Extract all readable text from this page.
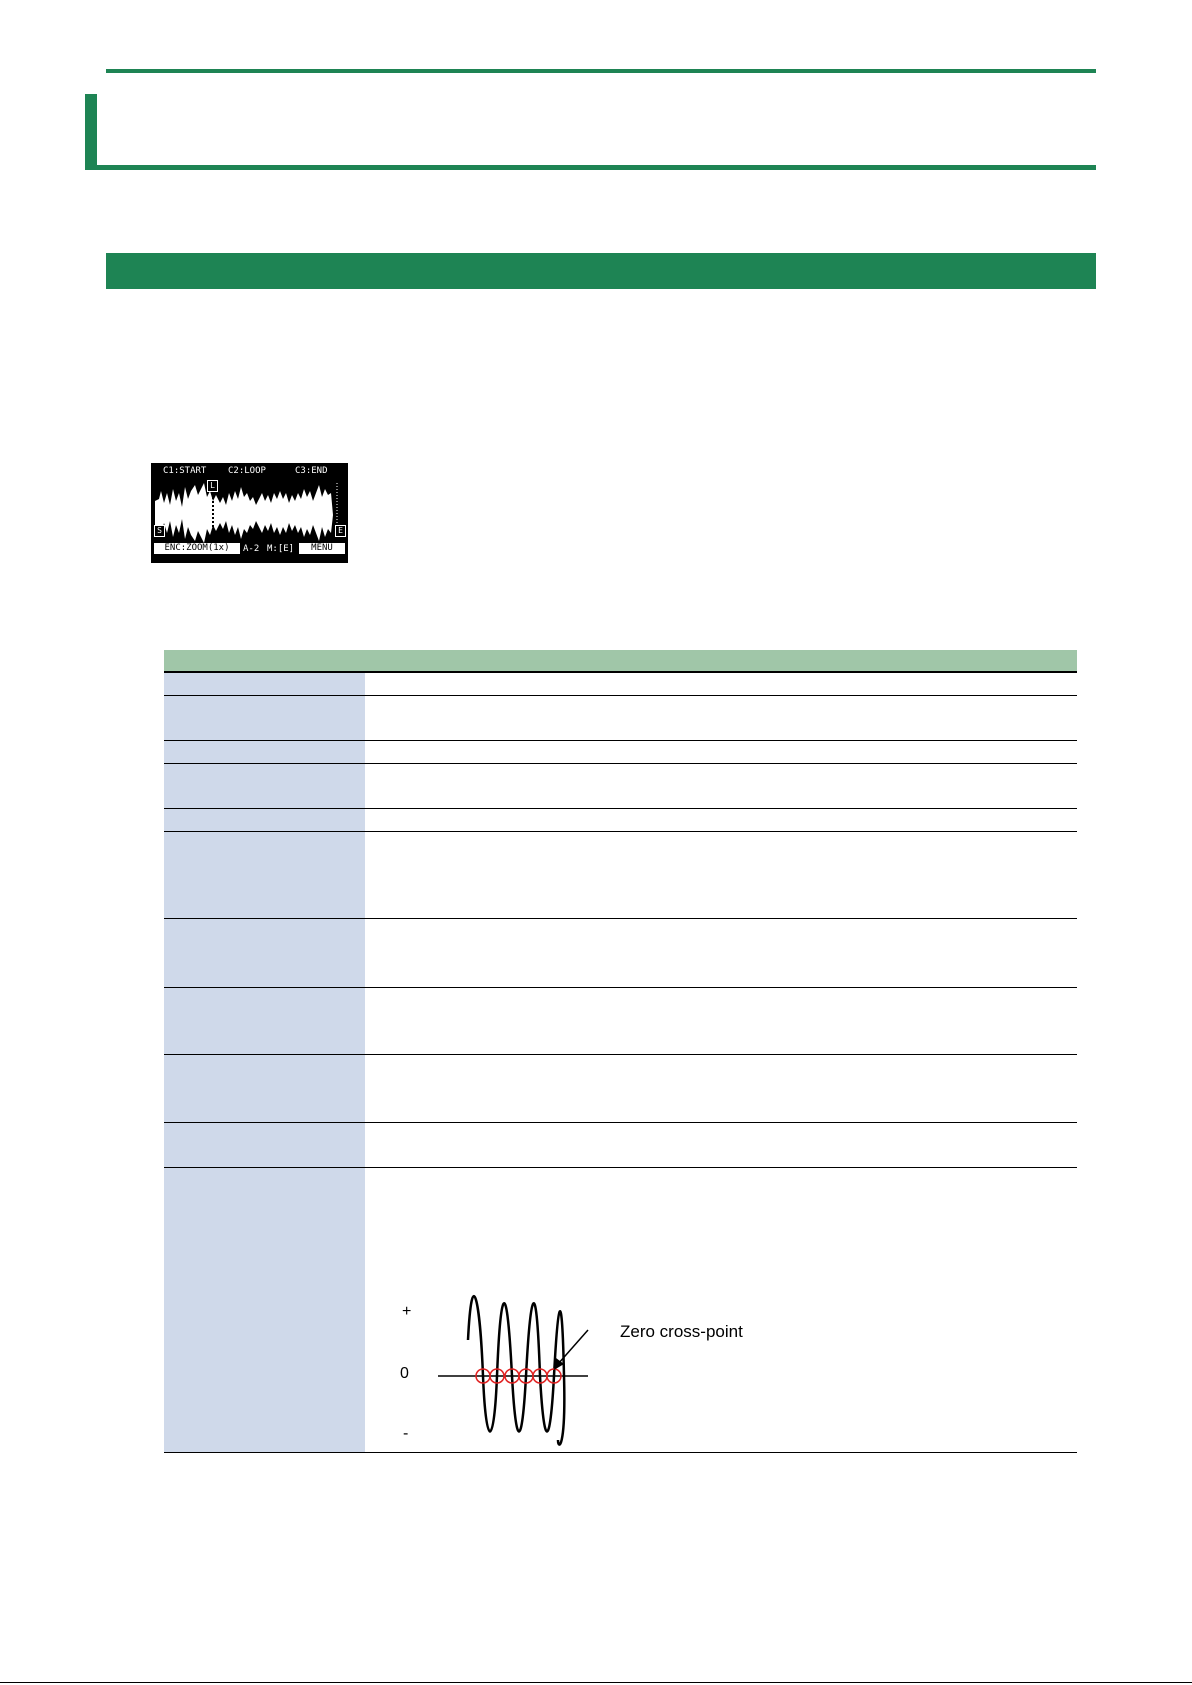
C1:START C2:LOOP	C3:END
L
S	E
ENC:ZOOM(1x)	A-2 M:[E]	MENU
+
0
-
Zero cross-point
